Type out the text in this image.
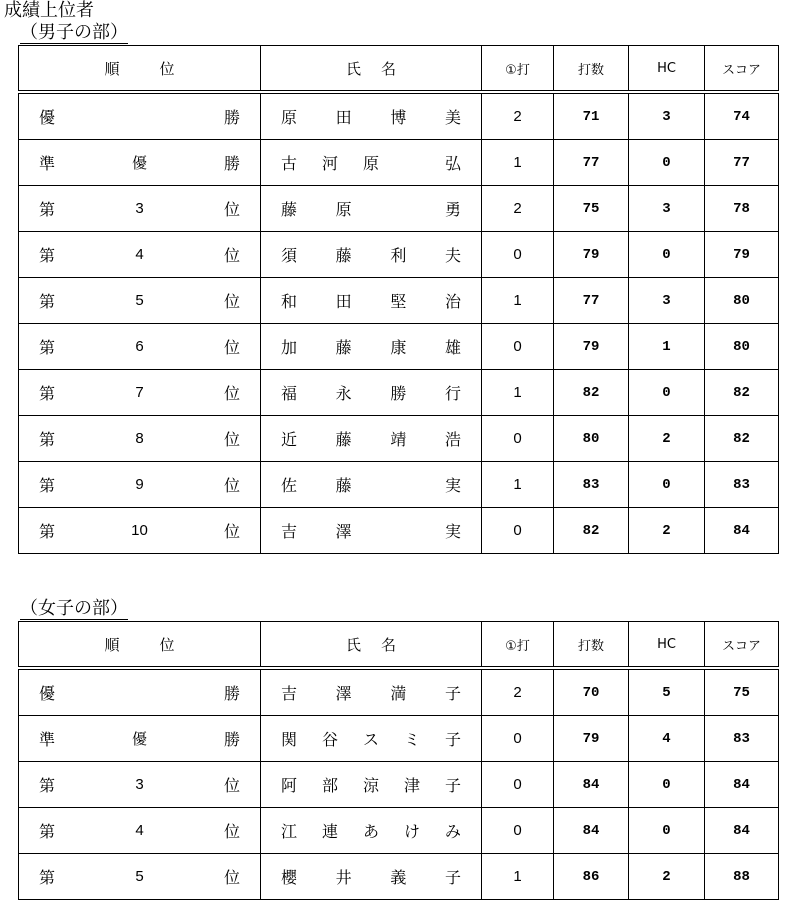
成績上位者
（男子の部）
順 位	氏 名	①打	打数	HC	スコア

優 勝	原 田 博 美	2	71	3	74

準 優 勝	古 河 原 弘	1	77	0	77

第 3 位	藤 原 勇	2	75	3	78

第 4 位	須 藤 利 夫	0	79	0	79

第 5 位	和 田 堅 治	1	77	3	80

第 6 位	加 藤 康 雄	0	79	1	80

第 7 位	福 永 勝 行	1	82	0	82

第 8 位	近 藤 靖 浩	0	80	2	82

第 9 位	佐 藤 実	1	83	0	83

第 10 位	吉 澤 実	0	82	2	84
（女子の部）
順 位	氏 名	①打	打数	HC	スコア

優 勝	吉 澤 満 子	2	70	5	75

準 優 勝	関 谷 ス ミ 子	0	79	4	83

第 3 位	阿 部 涼 津 子	0	84	0	84

第 4 位	江 連 あ け み	0	84	0	84

第 5 位	櫻 井 義 子	1	86	2	88
